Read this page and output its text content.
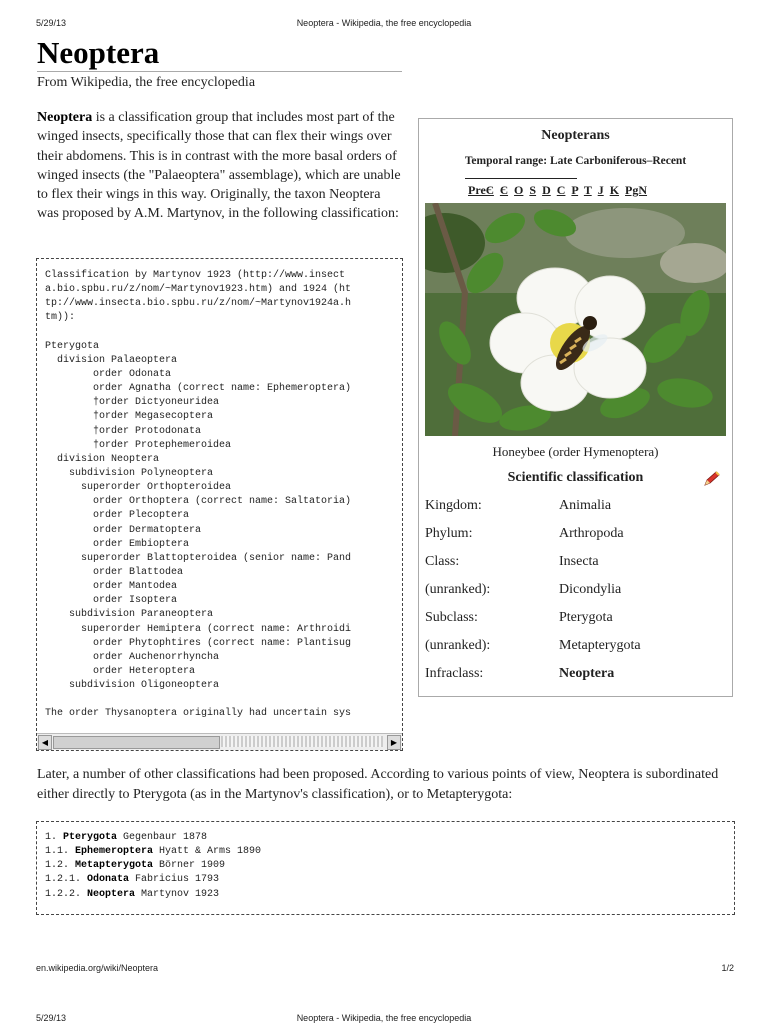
5/29/13	Neoptera - Wikipedia, the free encyclopedia
Neoptera
From Wikipedia, the free encyclopedia
Neoptera is a classification group that includes most part of the winged insects, specifically those that can flex their wings over their abdomens. This is in contrast with the more basal orders of winged insects (the "Palaeoptera" assemblage), which are unable to flex their wings in this way. Originally, the taxon Neoptera was proposed by A.M. Martynov, in the following classification:
Classification by Martynov 1923 (http://www.insect
a.bio.spbu.ru/z/nom/~Martynov1923.htm) and 1924 (ht
tp://www.insecta.bio.spbu.ru/z/nom/~Martynov1924a.h
tm)):
Pterygota
division Palaeoptera
order Odonata
order Agnatha (correct name: Ephemeroptera)
†order Dictyoneuridea
†order Megasecoptera
†order Protodonata
†order Protephemeroidea
division Neoptera
subdivision Polyneoptera
superorder Orthopteroidea
order Orthoptera (correct name: Saltatoria)
order Plecoptera
order Dermatoptera
order Embioptera
superorder Blattopteroidea (senior name: Pand
order Blattodea
order Mantodea
order Isoptera
subdivision Paraneoptera
superorder Hemiptera (correct name: Arthroidi
order Phytophtires (correct name: Plantisug
order Auchenorrhyncha
order Heteroptera
subdivision Oligoneoptera
The order Thysanoptera originally had uncertain sys
◀	▶
Neopterans
Temporal range: Late Carboniferous–Recent
PreЄ Є O S D C P T J K PgN
Honeybee (order Hymenoptera)
Scientific classification
Kingdom:	Animalia
Phylum:	Arthropoda
Class:	Insecta
(unranked):	Dicondylia
Subclass:	Pterygota
(unranked):	Metapterygota
Infraclass:	Neoptera
Later, a number of other classifications had been proposed. According to various points of view, Neoptera is subordinated either directly to Pterygota (as in the Martynov's classification), or to Metapterygota:
1. Pterygota Gegenbaur 1878
1.1. Ephemeroptera Hyatt & Arms 1890
1.2. Metapterygota Börner 1909
1.2.1. Odonata Fabricius 1793
1.2.2. Neoptera Martynov 1923
en.wikipedia.org/wiki/Neoptera	1/2
5/29/13	Neoptera - Wikipedia, the free encyclopedia
